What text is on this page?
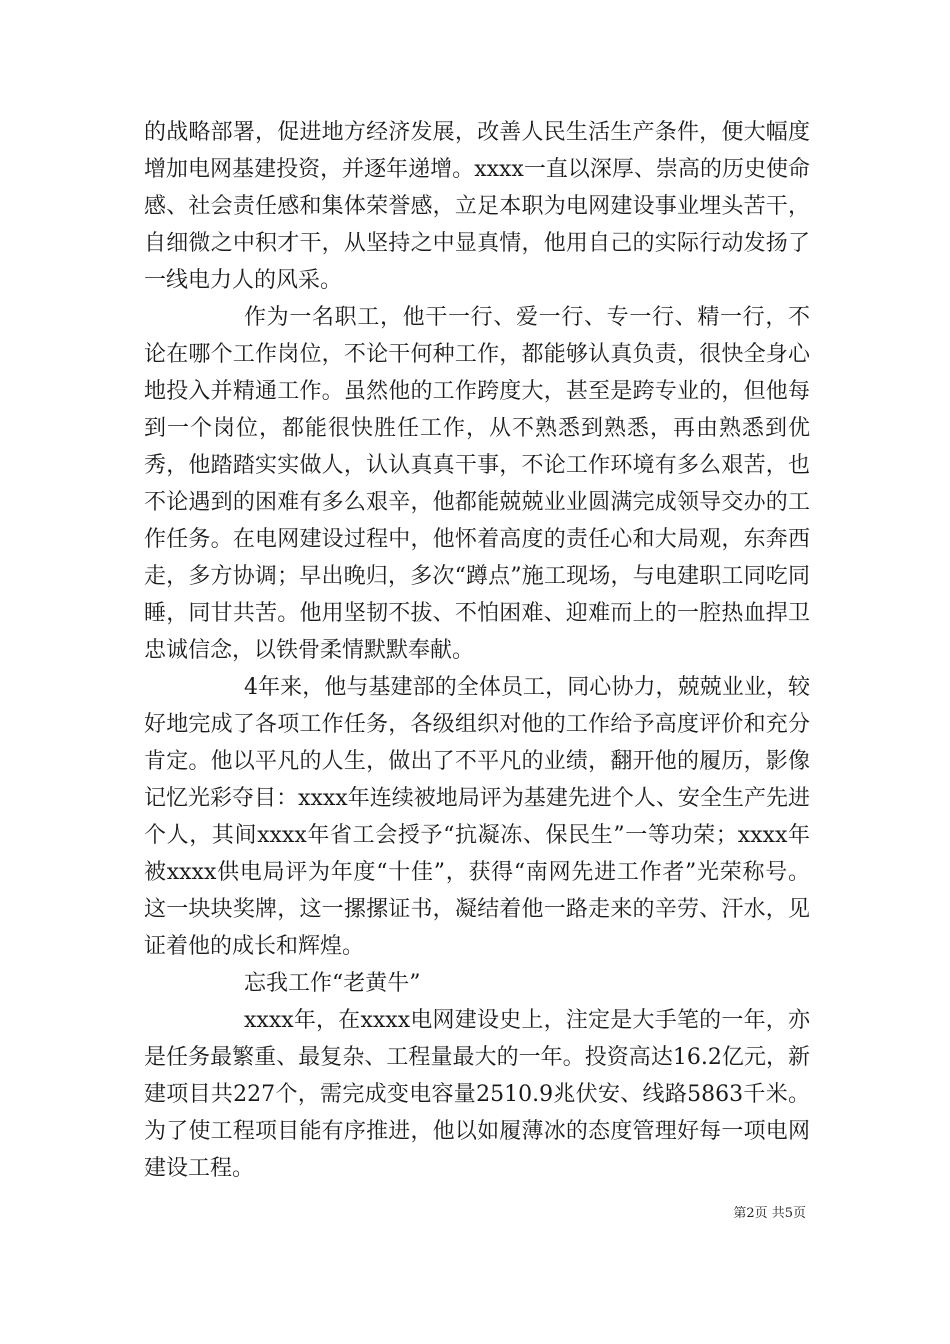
的战略部署，促进地方经济发展，改善人民生活生产条件，便大幅度增加电网基建投资，并逐年递增。xxxx一直以深厚、崇高的历史使命感、社会责任感和集体荣誉感，立足本职为电网建设事业埋头苦干，自细微之中积才干，从坚持之中显真情，他用自己的实际行动发扬了一线电力人的风采。

作为一名职工，他干一行、爱一行、专一行、精一行，不论在哪个工作岗位，不论干何种工作，都能够认真负责，很快全身心地投入并精通工作。虽然他的工作跨度大，甚至是跨专业的，但他每到一个岗位，都能很快胜任工作，从不熟悉到熟悉，再由熟悉到优秀，他踏踏实实做人，认认真真干事，不论工作环境有多么艰苦，也不论遇到的困难有多么艰辛，他都能兢兢业业圆满完成领导交办的工作任务。在电网建设过程中，他怀着高度的责任心和大局观，东奔西走，多方协调；早出晚归，多次“蹲点”施工现场，与电建职工同吃同睡，同甘共苦。他用坚韧不拔、不怕困难、迎难而上的一腔热血捍卫忠诚信念，以铁骨柔情默默奉献。

4年来，他与基建部的全体员工，同心协力，兢兢业业，较好地完成了各项工作任务，各级组织对他的工作给予高度评价和充分肯定。他以平凡的人生，做出了不平凡的业绩，翻开他的履历，影像记忆光彩夺目：xxxx年连续被地局评为基建先进个人、安全生产先进个人，其间xxxx年省工会授予“抗凝冻、保民生”一等功荣；xxxx年被xxxx供电局评为年度“十佳”，获得“南网先进工作者”光荣称号。这一块块奖牌，这一摞摞证书，凝结着他一路走来的辛劳、汗水，见证着他的成长和辉煌。

忘我工作“老黄牛”

xxxx年，在xxxx电网建设史上，注定是大手笔的一年，亦是任务最繁重、最复杂、工程量最大的一年。投资高达16.2亿元，新建项目共227个，需完成变电容量2510.9兆伏安、线路5863千米。为了使工程项目能有序推进，他以如履薄冰的态度管理好每一项电网建设工程。

第2页 共5页
